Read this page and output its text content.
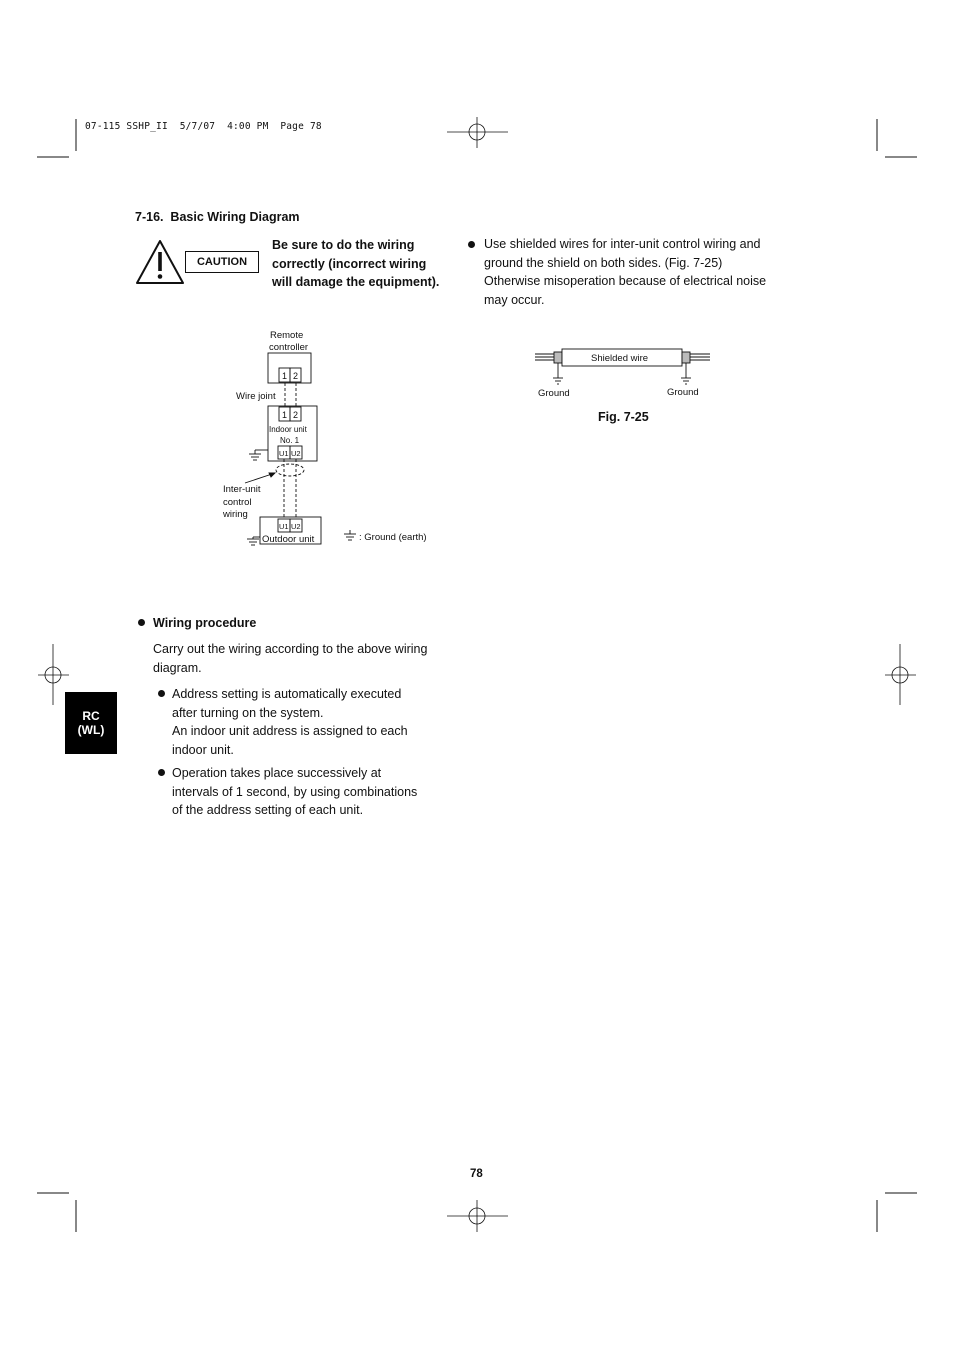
07-115 SSHP_II  5/7/07  4:00 PM  Page 78
7-16.  Basic Wiring Diagram
CAUTION
Be sure to do the wiring
correctly (incorrect wiring
will damage the equipment).
Use shielded wires for inter-unit control wiring and
ground the shield on both sides. (Fig. 7-25)
Otherwise misoperation because of electrical noise
may occur.
Remote
controller
1 2
Wire joint
1 2
Indoor unit
No. 1
U1 U2
Inter-unit
control
wiring
U1 U2
Outdoor unit	: Ground (earth)
Shielded wire
Ground	Ground
Fig. 7-25
RC
(WL)
Wiring procedure
Carry out the wiring according to the above wiring
diagram.
Address setting is automatically executed
after turning on the system.
An indoor unit address is assigned to each
indoor unit.
Operation takes place successively at
intervals of 1 second, by using combinations
of the address setting of each unit.
78
